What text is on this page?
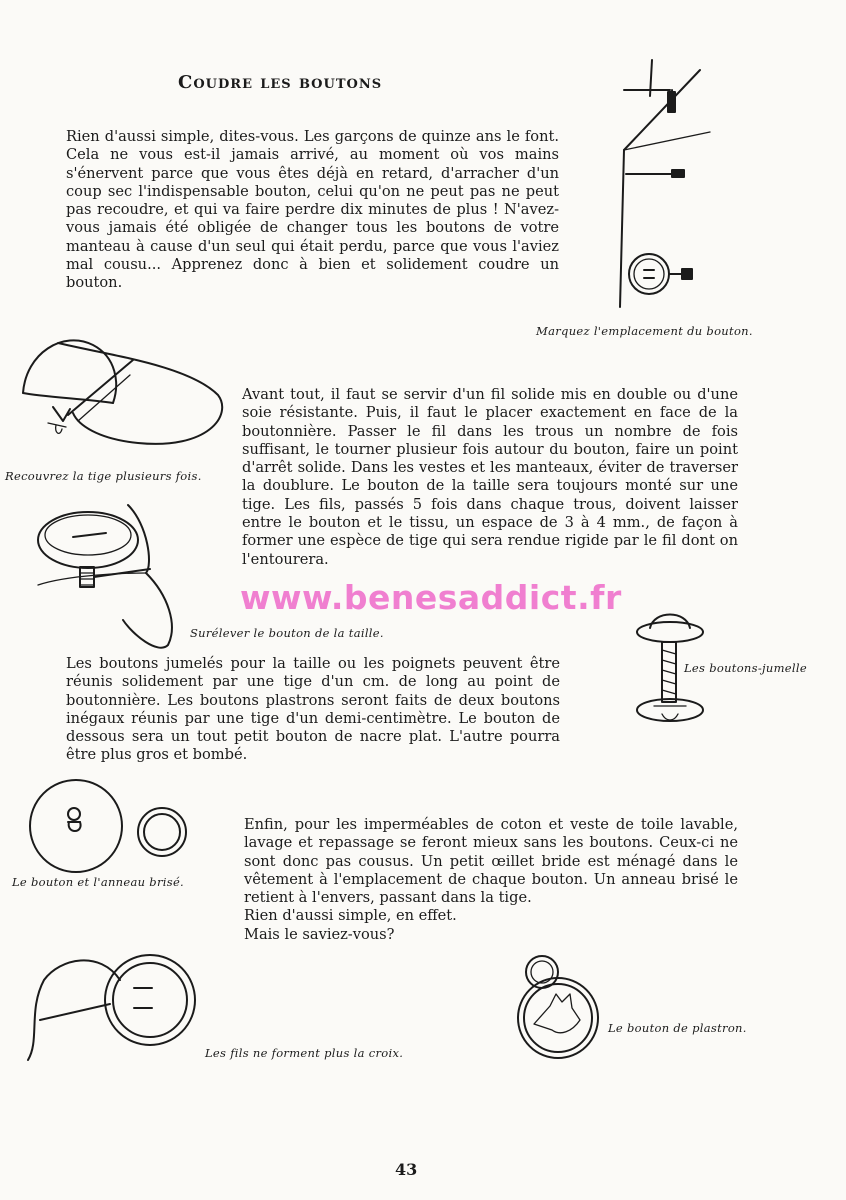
Coudre les boutons

Rien d'aussi simple, dites-vous. Les garçons de quinze ans le font. Cela ne vous est-il jamais arrivé, au moment où vos mains s'énervent parce que vous êtes déjà en retard, d'arracher d'un coup sec l'indispensable bouton, celui qu'on ne peut pas ne peut pas recoudre, et qui va faire perdre dix minutes de plus ! N'avez-vous jamais été obligée de changer tous les boutons de votre manteau à cause d'un seul qui était perdu, parce que vous l'aviez mal cousu... Apprenez donc à bien et solidement coudre un bouton.

Marquez l'emplacement du bouton.
Recouvrez la tige plusieurs fois.

Avant tout, il faut se servir d'un fil solide mis en double ou d'une soie résistante. Puis, il faut le placer exactement en face de la boutonnière. Passer le fil dans les trous un nombre de fois suffisant, le tourner plusieur fois autour du bouton, faire un point d'arrêt solide. Dans les vestes et les manteaux, éviter de traverser la doublure. Le bouton de la taille sera toujours monté sur une tige. Les fils, passés 5 fois dans chaque trous, doivent laisser entre le bouton et le tissu, un espace de 3 à 4 mm., de façon à former une espèce de tige qui sera rendue rigide par le fil dont on l'entourera.

Surélever le bouton de la taille.
www.benesaddict.fr
Les boutons-jumelle

Les boutons jumelés pour la taille ou les poignets peuvent être réunis solidement par une tige d'un cm. de long au point de boutonnière. Les boutons plastrons seront faits de deux boutons inégaux réunis par une tige d'un demi-centimètre. Le bouton de dessous sera un tout petit bouton de nacre plat. L'autre pourra être plus gros et bombé.

Le bouton et l'anneau brisé.

Enfin, pour les imperméables de coton et veste de toile lavable, lavage et repassage se feront mieux sans les boutons. Ceux-ci ne sont donc pas cousus. Un petit œillet bride est ménagé dans le vêtement à l'emplacement de chaque bouton. Un anneau brisé le retient à l'envers, passant dans la tige.

Rien d'aussi simple, en effet.

Mais le saviez-vous?

Les fils ne forment plus la croix.
Le bouton de plastron.
43
